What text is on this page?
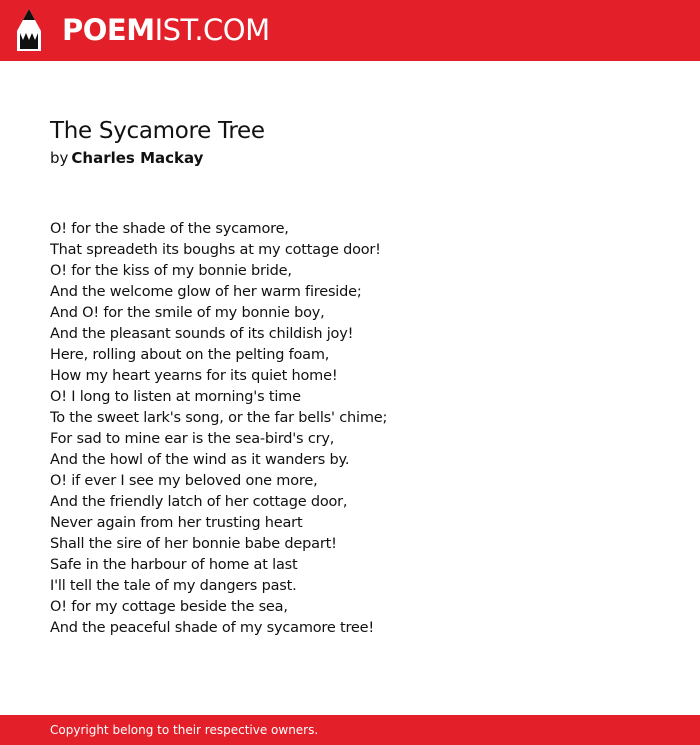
POEMIST.COM
The Sycamore Tree
by Charles Mackay
O! for the shade of the sycamore,
That spreadeth its boughs at my cottage door!
O! for the kiss of my bonnie bride,
And the welcome glow of her warm fireside;
And O! for the smile of my bonnie boy,
And the pleasant sounds of its childish joy!
Here, rolling about on the pelting foam,
How my heart yearns for its quiet home!
O! I long to listen at morning's time
To the sweet lark's song, or the far bells' chime;
For sad to mine ear is the sea-bird's cry,
And the howl of the wind as it wanders by.
O! if ever I see my beloved one more,
And the friendly latch of her cottage door,
Never again from her trusting heart
Shall the sire of her bonnie babe depart!
Safe in the harbour of home at last
I'll tell the tale of my dangers past.
O! for my cottage beside the sea,
And the peaceful shade of my sycamore tree!
Copyright belong to their respective owners.
